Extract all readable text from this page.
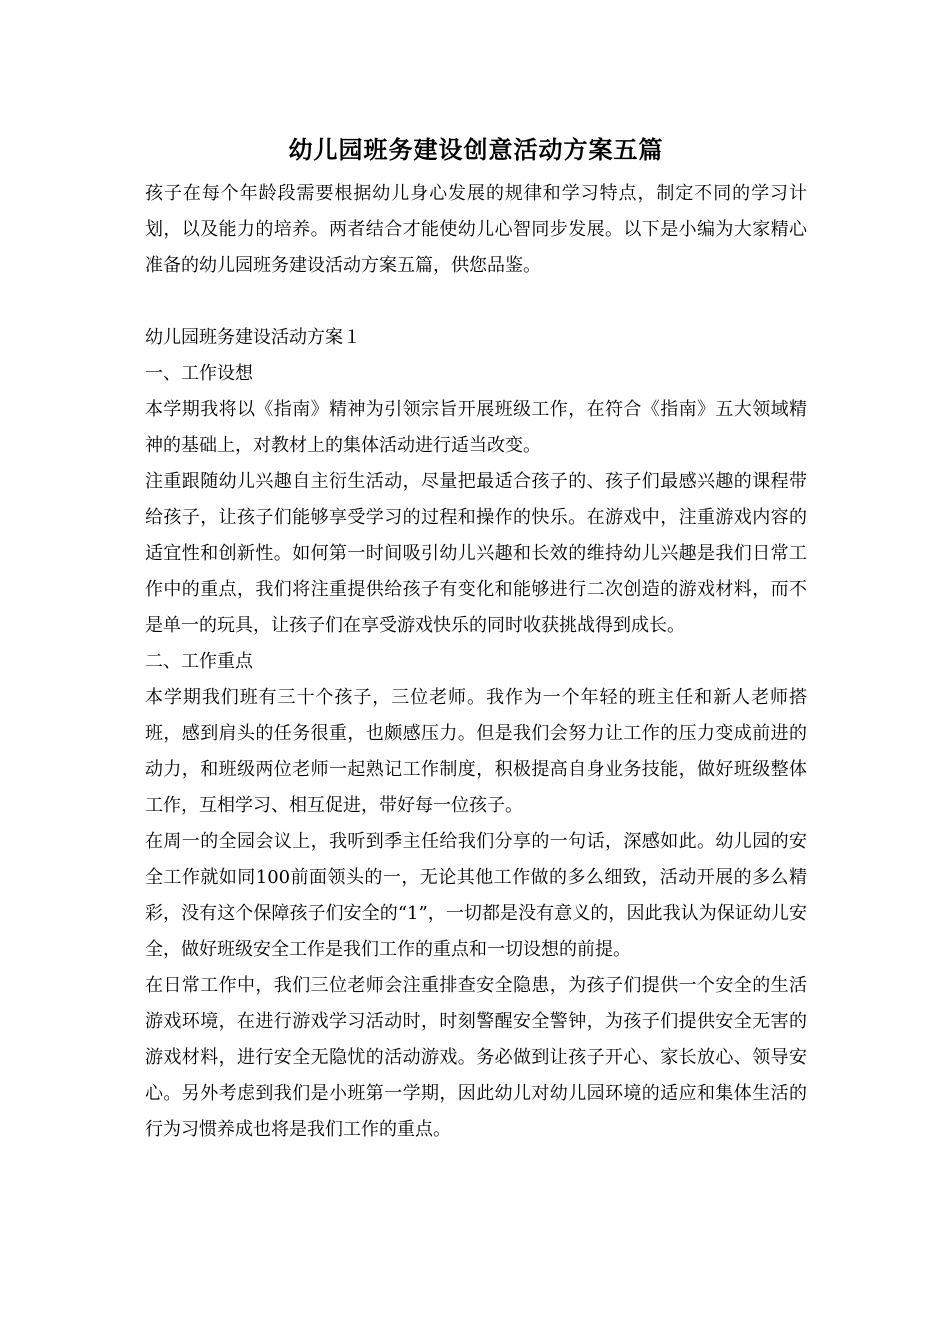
幼儿园班务建设创意活动方案五篇

孩子在每个年龄段需要根据幼儿身心发展的规律和学习特点，制定不同的学习计划，以及能力的培养。两者结合才能使幼儿心智同步发展。以下是小编为大家精心准备的幼儿园班务建设活动方案五篇，供您品鉴。

幼儿园班务建设活动方案１

一、工作设想

本学期我将以《指南》精神为引领宗旨开展班级工作，在符合《指南》五大领域精神的基础上，对教材上的集体活动进行适当改变。

注重跟随幼儿兴趣自主衍生活动，尽量把最适合孩子的、孩子们最感兴趣的课程带给孩子，让孩子们能够享受学习的过程和操作的快乐。在游戏中，注重游戏内容的适宜性和创新性。如何第一时间吸引幼儿兴趣和长效的维持幼儿兴趣是我们日常工作中的重点，我们将注重提供给孩子有变化和能够进行二次创造的游戏材料，而不是单一的玩具，让孩子们在享受游戏快乐的同时收获挑战得到成长。

二、工作重点

本学期我们班有三十个孩子，三位老师。我作为一个年轻的班主任和新人老师搭班，感到肩头的任务很重，也颇感压力。但是我们会努力让工作的压力变成前进的动力，和班级两位老师一起熟记工作制度，积极提高自身业务技能，做好班级整体工作，互相学习、相互促进，带好每一位孩子。

在周一的全园会议上，我听到季主任给我们分享的一句话，深感如此。幼儿园的安全工作就如同100前面领头的一，无论其他工作做的多么细致，活动开展的多么精彩，没有这个保障孩子们安全的“1”，一切都是没有意义的，因此我认为保证幼儿安全，做好班级安全工作是我们工作的重点和一切设想的前提。

在日常工作中，我们三位老师会注重排查安全隐患，为孩子们提供一个安全的生活游戏环境，在进行游戏学习活动时，时刻警醒安全警钟，为孩子们提供安全无害的游戏材料，进行安全无隐忧的活动游戏。务必做到让孩子开心、家长放心、领导安心。另外考虑到我们是小班第一学期，因此幼儿对幼儿园环境的适应和集体生活的行为习惯养成也将是我们工作的重点。
